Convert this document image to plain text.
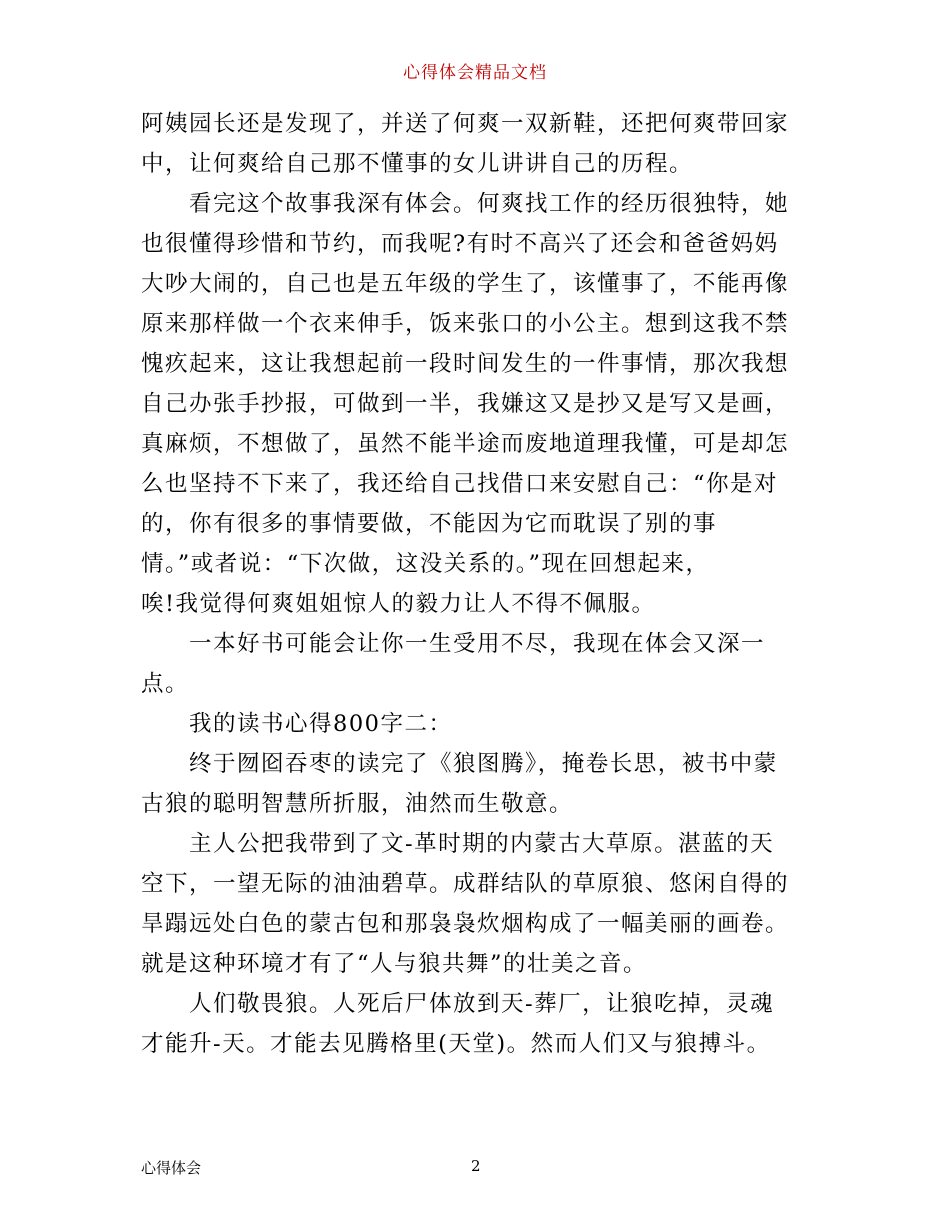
心得体会精品文档
阿姨园长还是发现了，并送了何爽一双新鞋，还把何爽带回家
中，让何爽给自己那不懂事的女儿讲讲自己的历程。
　　看完这个故事我深有体会。何爽找工作的经历很独特，她
也很懂得珍惜和节约，而我呢?有时不高兴了还会和爸爸妈妈
大吵大闹的，自己也是五年级的学生了，该懂事了，不能再像
原来那样做一个衣来伸手，饭来张口的小公主。想到这我不禁
愧疚起来，这让我想起前一段时间发生的一件事情，那次我想
自己办张手抄报，可做到一半，我嫌这又是抄又是写又是画，
真麻烦，不想做了，虽然不能半途而废地道理我懂，可是却怎
么也坚持不下来了，我还给自己找借口来安慰自己：“你是对
的，你有很多的事情要做，不能因为它而耽误了别的事
情。”或者说：“下次做，这没关系的。”现在回想起来，
唉!我觉得何爽姐姐惊人的毅力让人不得不佩服。
　　一本好书可能会让你一生受用不尽，我现在体会又深一
点。
　　我的读书心得800字二：
　　终于囫囵吞枣的读完了《狼图腾》，掩卷长思，被书中蒙
古狼的聪明智慧所折服，油然而生敬意。
　　主人公把我带到了文-革时期的内蒙古大草原。湛蓝的天
空下，一望无际的油油碧草。成群结队的草原狼、悠闲自得的
旱蹋远处白色的蒙古包和那袅袅炊烟构成了一幅美丽的画卷。
就是这种环境才有了“人与狼共舞”的壮美之音。
　　人们敬畏狼。人死后尸体放到天-葬厂，让狼吃掉，灵魂
才能升-天。才能去见腾格里(天堂)。然而人们又与狼搏斗。
心得体会	2
